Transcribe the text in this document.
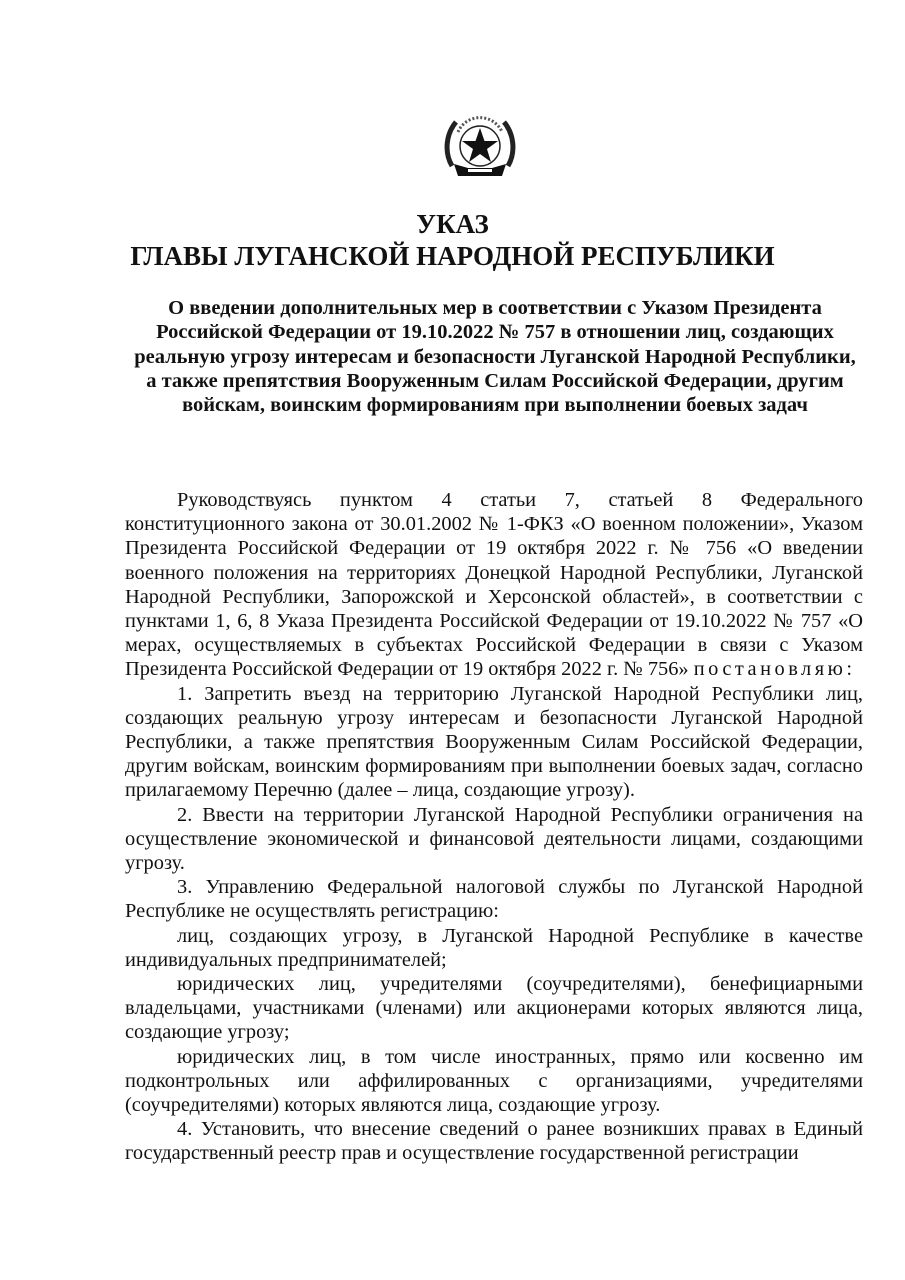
УКАЗ
ГЛАВЫ ЛУГАНСКОЙ НАРОДНОЙ РЕСПУБЛИКИ
О введении дополнительных мер в соответствии с Указом Президента Российской Федерации от 19.10.2022 № 757 в отношении лиц, создающих реальную угрозу интересам и безопасности Луганской Народной Республики, а также препятствия Вооруженным Силам Российской Федерации, другим войскам, воинским формированиям при выполнении боевых задач

Руководствуясь пунктом 4 статьи 7, статьей 8 Федерального конституционного закона от 30.01.2002 № 1-ФКЗ «О военном положении», Указом Президента Российской Федерации от 19 октября 2022 г. № 756 «О введении военного положения на территориях Донецкой Народной Республики, Луганской Народной Республики, Запорожской и Херсонской областей», в соответствии с пунктами 1, 6, 8 Указа Президента Российской Федерации от 19.10.2022 № 757 «О мерах, осуществляемых в субъектах Российской Федерации в связи с Указом Президента Российской Федерации от 19 октября 2022 г. № 756» постановляю:

1. Запретить въезд на территорию Луганской Народной Республики лиц, создающих реальную угрозу интересам и безопасности Луганской Народной Республики, а также препятствия Вооруженным Силам Российской Федерации, другим войскам, воинским формированиям при выполнении боевых задач, согласно прилагаемому Перечню (далее – лица, создающие угрозу).

2. Ввести на территории Луганской Народной Республики ограничения на осуществление экономической и финансовой деятельности лицами, создающими угрозу.

3. Управлению Федеральной налоговой службы по Луганской Народной Республике не осуществлять регистрацию:

лиц, создающих угрозу, в Луганской Народной Республике в качестве индивидуальных предпринимателей;

юридических лиц, учредителями (соучредителями), бенефициарными владельцами, участниками (членами) или акционерами которых являются лица, создающие угрозу;

юридических лиц, в том числе иностранных, прямо или косвенно им подконтрольных или аффилированных с организациями, учредителями (соучредителями) которых являются лица, создающие угрозу.

4. Установить, что внесение сведений о ранее возникших правах в Единый государственный реестр прав и осуществление государственной регистрации
